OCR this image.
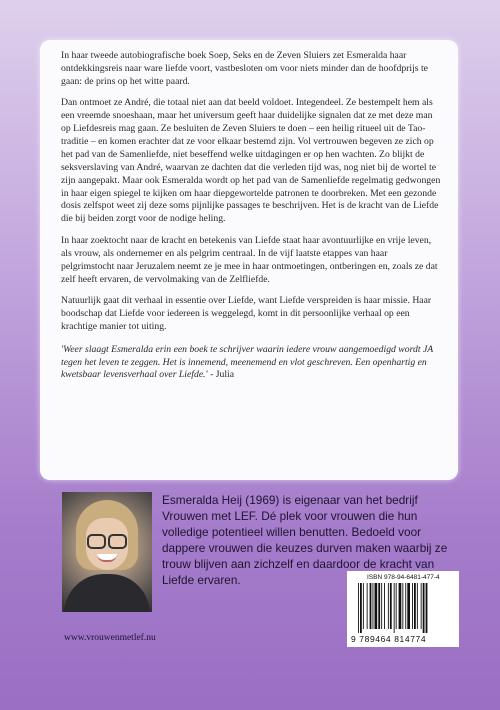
In haar tweede autobiografische boek Soep, Seks en de Zeven Sluiers zet Esmeralda haar ontdekkingsreis naar ware liefde voort, vastbesloten om voor niets minder dan de hoofdprijs te gaan: de prins op het witte paard.

Dan ontmoet ze André, die totaal niet aan dat beeld voldoet. Integendeel. Ze bestempelt hem als een vreemde snoeshaan, maar het universum geeft haar duidelijke signalen dat ze met deze man op Liefdesreis mag gaan. Ze besluiten de Zeven Sluiers te doen – een heilig ritueel uit de Tao-traditie – en komen erachter dat ze voor elkaar bestemd zijn. Vol vertrouwen begeven ze zich op het pad van de Samenliefde, niet beseffend welke uitdagingen er op hen wachten. Zo blijkt de seksverslaving van André, waarvan ze dachten dat die verleden tijd was, nog niet bij de wortel te zijn aangepakt. Maar ook Esmeralda wordt op het pad van de Samenliefde regelmatig gedwongen in haar eigen spiegel te kijken om haar diepgewortelde patronen te doorbreken. Met een gezonde dosis zelfspot weet zij deze soms pijnlijke passages te beschrijven. Het is de kracht van de Liefde die bij beiden zorgt voor de nodige heling.

In haar zoektocht naar de kracht en betekenis van Liefde staat haar avontuurlijke en vrije leven, als vrouw, als ondernemer en als pelgrim centraal. In de vijf laatste etappes van haar pelgrimstocht naar Jeruzalem neemt ze je mee in haar ontmoetingen, ontberingen en, zoals ze dat zelf heeft ervaren, de vervolmaking van de Zelfliefde.

Natuurlijk gaat dit verhaal in essentie over Liefde, want Liefde verspreiden is haar missie. Haar boodschap dat Liefde voor iedereen is weggelegd, komt in dit persoonlijke verhaal op een krachtige manier tot uiting.

'Weer slaagt Esmeralda erin een boek te schrijver waarin iedere vrouw aangemoedigd wordt JA tegen het leven te zeggen. Het is innemend, meenemend en vlot geschreven. Een openhartig en kwetsbaar levensverhaal over Liefde.' - Julia

Esmeralda Heij (1969) is eigenaar van het bedrijf Vrouwen met LEF. Dé plek voor vrouwen die hun volledige potentieel willen benutten. Bedoeld voor dappere vrouwen die keuzes durven maken waarbij ze trouw blijven aan zichzelf en daardoor de kracht van Liefde ervaren.	ISBN 978-94-6481-477-4
9 789464 814774
www.vrouwenmetlef.nu
